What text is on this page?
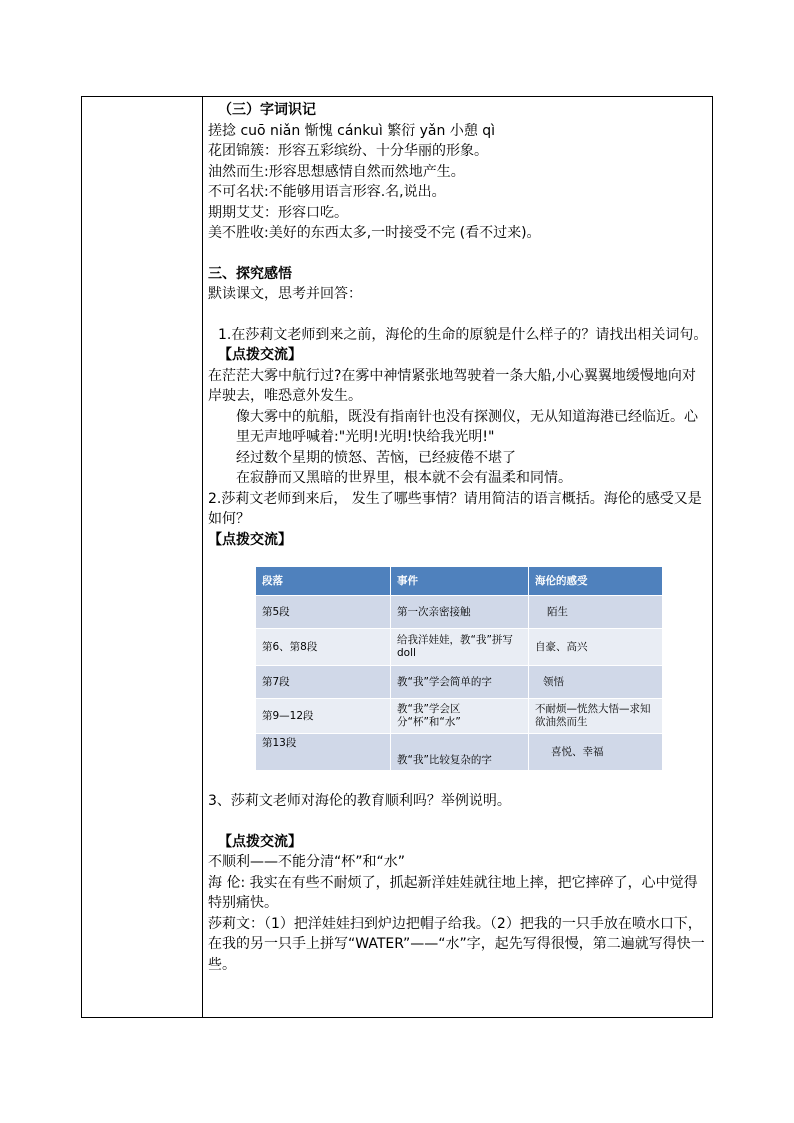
（三）字词识记
搓捻 cuō niǎn 惭愧 cánkuì 繁衍 yǎn 小憩 qì
花团锦簇：形容五彩缤纷、十分华丽的形象。
油然而生:形容思想感情自然而然地产生。
不可名状:不能够用语言形容.名,说出。
期期艾艾：形容口吃。
美不胜收:美好的东西太多,一时接受不完 (看不过来)。
三、探究感悟
默读课文，思考并回答：
1.在莎莉文老师到来之前，海伦的生命的原貌是什么样子的？请找出相关词句。
【点拨交流】
在茫茫大雾中航行过?在雾中神情紧张地驾驶着一条大船,小心翼翼地缓慢地向对岸驶去，唯恐意外发生。
像大雾中的航船，既没有指南针也没有探测仪，无从知道海港已经临近。心里无声地呼喊着:"光明!光明!快给我光明!"
经过数个星期的愤怒、苦恼，已经疲倦不堪了
在寂静而又黑暗的世界里，根本就不会有温柔和同情。
2.莎莉文老师到来后， 发生了哪些事情？请用简洁的语言概括。海伦的感受又是如何？
【点拨交流】
段落	事件	海伦的感受
第5段	第一次亲密接触	陌生
第6、第8段	给我洋娃娃，教“我”拼写doll	自豪、高兴
第7段	教“我”学会简单的字	领悟
第9—12段	教“我”学会区分“杯”和“水”	不耐烦—恍然大悟—求知欲油然而生
第13段	教“我”比较复杂的字	喜悦、幸福
3、莎莉文老师对海伦的教育顺利吗？举例说明。
【点拨交流】
不顺利——不能分清“杯”和“水”
海 伦: 我实在有些不耐烦了，抓起新洋娃娃就往地上摔，把它摔碎了，心中觉得特别痛快。
莎莉文：（1）把洋娃娃扫到炉边把帽子给我。（2）把我的一只手放在喷水口下，在我的另一只手上拼写“WATER”——“水”字，起先写得很慢，第二遍就写得快一些。
